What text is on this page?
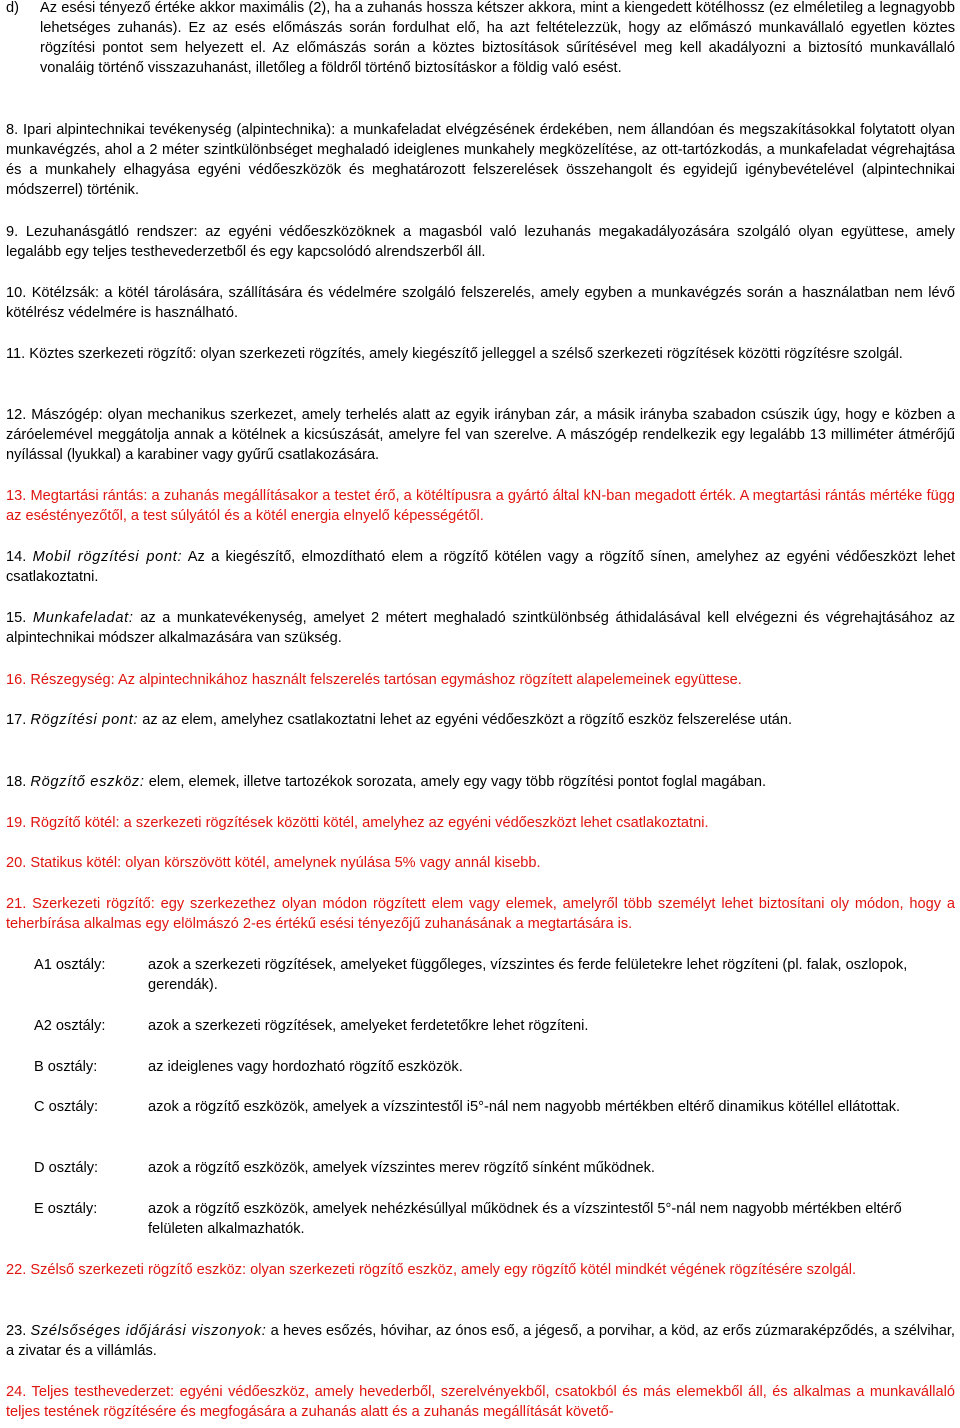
d)	Az esési tényező értéke akkor maximális (2), ha a zuhanás hossza kétszer akkora, mint a kiengedett kötélhossz (ez elméletileg a legnagyobb lehetséges zuhanás). Ez az esés előmászás során fordulhat elő, ha azt feltételezzük, hogy az előmászó munkavállaló egyetlen köztes rögzítési pontot sem helyezett el. Az előmászás során a köztes biztosítások sűrítésével meg kell akadályozni a biztosító munkavállaló vonaláig történő visszazuhanást, illetőleg a földről történő biztosításkor a földig való esést.

8. Ipari alpintechnikai tevékenység (alpintechnika): a munkafeladat elvégzésének érdekében, nem állandóan és megszakításokkal folytatott olyan munkavégzés, ahol a 2 méter szintkülönbséget meghaladó ideiglenes munkahely megközelítése, az ott-tartózkodás, a munkafeladat végrehajtása és a munkahely elhagyása egyéni védőeszközök és meghatározott felszerelések összehangolt és egyidejű igénybevételével (alpintechnikai módszerrel) történik.

9. Lezuhanásgátló rendszer: az egyéni védőeszközöknek a magasból való lezuhanás megakadályozására szolgáló olyan együttese, amely legalább egy teljes testhevederzetből és egy kapcsolódó alrendszerből áll.

10. Kötélzsák: a kötél tárolására, szállítására és védelmére szolgáló felszerelés, amely egyben a munkavégzés során a használatban nem lévő kötélrész védelmére is használható.

11. Köztes szerkezeti rögzítő: olyan szerkezeti rögzítés, amely kiegészítő jelleggel a szélső szerkezeti rögzítések közötti rögzítésre szolgál.

12. Mászógép: olyan mechanikus szerkezet, amely terhelés alatt az egyik irányban zár, a másik irányba szabadon csúszik úgy, hogy e közben a záróelemével meggátolja annak a kötélnek a kicsúszását, amelyre fel van szerelve. A mászógép rendelkezik egy legalább 13 milliméter átmérőjű nyílással (lyukkal) a karabiner vagy gyűrű csatlakozására.

13. Megtartási rántás: a zuhanás megállításakor a testet érő, a kötéltípusra a gyártó által kN-ban megadott érték. A megtartási rántás mértéke függ az eséstényezőtől, a test súlyától és a kötél energia elnyelő képességétől.

14. Mobil rögzítési pont: Az a kiegészítő, elmozdítható elem a rögzítő kötélen vagy a rögzítő sínen, amelyhez az egyéni védőeszközt lehet csatlakoztatni.

15. Munkafeladat: az a munkatevékenység, amelyet 2 métert meghaladó szintkülönbség áthidalásával kell elvégezni és végrehajtásához az alpintechnikai módszer alkalmazására van szükség.

16. Részegység: Az alpintechnikához használt felszerelés tartósan egymáshoz rögzített alapelemeinek együttese.

17. Rögzítési pont: az az elem, amelyhez csatlakoztatni lehet az egyéni védőeszközt a rögzítő eszköz felszerelése után.

18. Rögzítő eszköz: elem, elemek, illetve tartozékok sorozata, amely egy vagy több rögzítési pontot foglal magában.

19. Rögzítő kötél: a szerkezeti rögzítések közötti kötél, amelyhez az egyéni védőeszközt lehet csatlakoztatni.

20. Statikus kötél: olyan körszövött kötél, amelynek nyúlása 5% vagy annál kisebb.

21. Szerkezeti rögzítő: egy szerkezethez olyan módon rögzített elem vagy elemek, amelyről több személyt lehet biztosítani oly módon, hogy a teherbírása alkalmas egy elölmászó 2-es értékű esési tényezőjű zuhanásának a megtartására is.

A1 osztály:	azok a szerkezeti rögzítések, amelyeket függőleges, vízszintes és ferde felületekre lehet rögzíteni (pl. falak, oszlopok, gerendák).
A2 osztály:	azok a szerkezeti rögzítések, amelyeket ferdetetőkre lehet rögzíteni.
B osztály:	az ideiglenes vagy hordozható rögzítő eszközök.
C osztály:	azok a rögzítő eszközök, amelyek a vízszintestől i5°-nál nem nagyobb mértékben eltérő dinamikus kötéllel ellátottak.
D osztály:	azok a rögzítő eszközök, amelyek vízszintes merev rögzítő sínként működnek.
E osztály:	azok a rögzítő eszközök, amelyek nehézkésúllyal működnek és a vízszintestől 5°-nál nem nagyobb mértékben eltérő felületen alkalmazhatók.

22. Szélső szerkezeti rögzítő eszköz: olyan szerkezeti rögzítő eszköz, amely egy rögzítő kötél mindkét végének rögzítésére szolgál.

23. Szélsőséges időjárási viszonyok: a heves esőzés, hóvihar, az ónos eső, a jégeső, a porvihar, a köd, az erős zúzmaraképződés, a szélvihar, a zivatar és a villámlás.

24. Teljes testhevederzet: egyéni védőeszköz, amely hevederből, szerelvényekből, csatokból és más elemekből áll, és alkalmas a munkavállaló teljes testének rögzítésére és megfogására a zuhanás alatt és a zuhanás megállítását követő-
